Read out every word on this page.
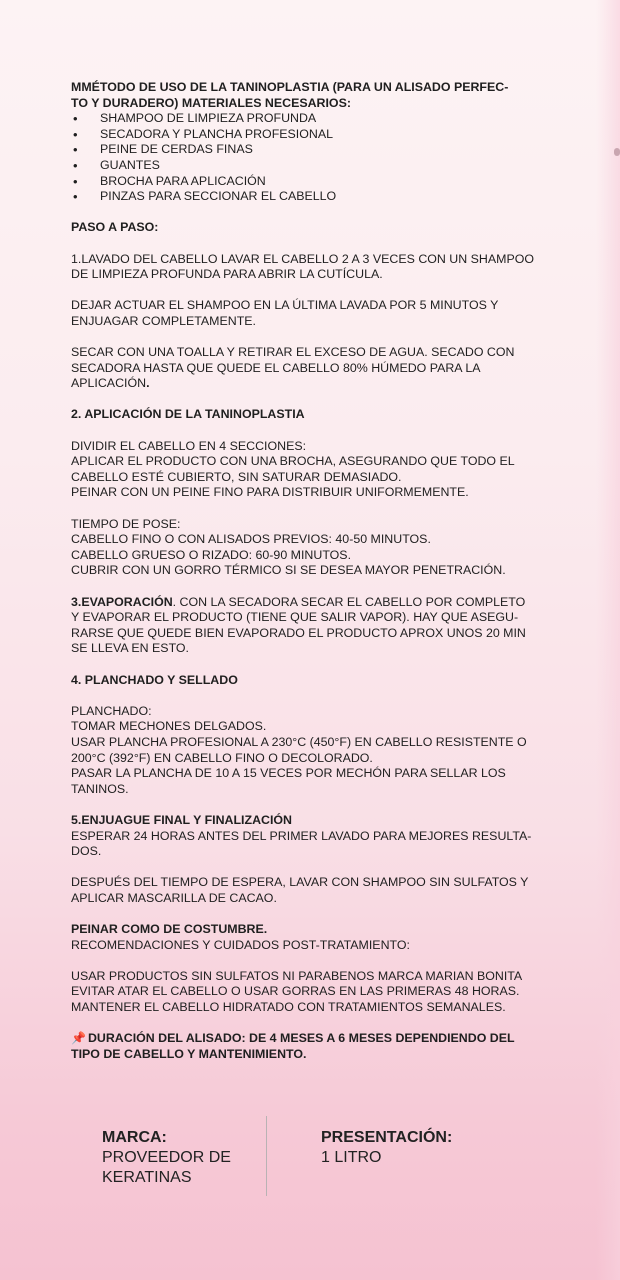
MMÉTODO DE USO DE LA TANINOPLASTIA (PARA UN ALISADO PERFEC-

TO Y DURADERO) MATERIALES NECESARIOS:

• SHAMPOO DE LIMPIEZA PROFUNDA
• SECADORA Y PLANCHA PROFESIONAL
• PEINE DE CERDAS FINAS
• GUANTES
• BROCHA PARA APLICACIÓN
• PINZAS PARA SECCIONAR EL CABELLO

PASO A PASO:

1.LAVADO DEL CABELLO LAVAR EL CABELLO 2 A 3 VECES CON UN SHAMPOO

DE LIMPIEZA PROFUNDA PARA ABRIR LA CUTÍCULA.

DEJAR ACTUAR EL SHAMPOO EN LA ÚLTIMA LAVADA POR 5 MINUTOS Y

ENJUAGAR COMPLETAMENTE.

SECAR CON UNA TOALLA Y RETIRAR EL EXCESO DE AGUA. SECADO CON

SECADORA HASTA QUE QUEDE EL CABELLO 80% HÚMEDO PARA LA

APLICACIÓN.

2. APLICACIÓN DE LA TANINOPLASTIA

DIVIDIR EL CABELLO EN 4 SECCIONES:

APLICAR EL PRODUCTO CON UNA BROCHA, ASEGURANDO QUE TODO EL

CABELLO ESTÉ CUBIERTO, SIN SATURAR DEMASIADO.

PEINAR CON UN PEINE FINO PARA DISTRIBUIR UNIFORMEMENTE.

TIEMPO DE POSE:

CABELLO FINO O CON ALISADOS PREVIOS: 40-50 MINUTOS.

CABELLO GRUESO O RIZADO: 60-90 MINUTOS.

CUBRIR CON UN GORRO TÉRMICO SI SE DESEA MAYOR PENETRACIÓN.

3.EVAPORACIÓN. CON LA SECADORA SECAR EL CABELLO POR COMPLETO

Y EVAPORAR EL PRODUCTO (TIENE QUE SALIR VAPOR). HAY QUE ASEGU-

RARSE QUE QUEDE BIEN EVAPORADO EL PRODUCTO APROX UNOS 20 MIN

SE LLEVA EN ESTO.

4. PLANCHADO Y SELLADO

PLANCHADO:

TOMAR MECHONES DELGADOS.

USAR PLANCHA PROFESIONAL A 230°C (450°F) EN CABELLO RESISTENTE O

200°C (392°F) EN CABELLO FINO O DECOLORADO.

PASAR LA PLANCHA DE 10 A 15 VECES POR MECHÓN PARA SELLAR LOS

TANINOS.

5.ENJUAGUE FINAL Y FINALIZACIÓN

ESPERAR 24 HORAS ANTES DEL PRIMER LAVADO PARA MEJORES RESULTA-

DOS.

DESPUÉS DEL TIEMPO DE ESPERA, LAVAR CON SHAMPOO SIN SULFATOS Y

APLICAR MASCARILLA DE CACAO.

PEINAR COMO DE COSTUMBRE.

RECOMENDACIONES Y CUIDADOS POST-TRATAMIENTO:

USAR PRODUCTOS SIN SULFATOS NI PARABENOS MARCA MARIAN BONITA

EVITAR ATAR EL CABELLO O USAR GORRAS EN LAS PRIMERAS 48 HORAS.

MANTENER EL CABELLO HIDRATADO CON TRATAMIENTOS SEMANALES.

📌 DURACIÓN DEL ALISADO: DE 4 MESES A 6 MESES DEPENDIENDO DEL

TIPO DE CABELLO Y MANTENIMIENTO.

MARCA:
PROVEEDOR DE
KERATINAS
PRESENTACIÓN:
1 LITRO
